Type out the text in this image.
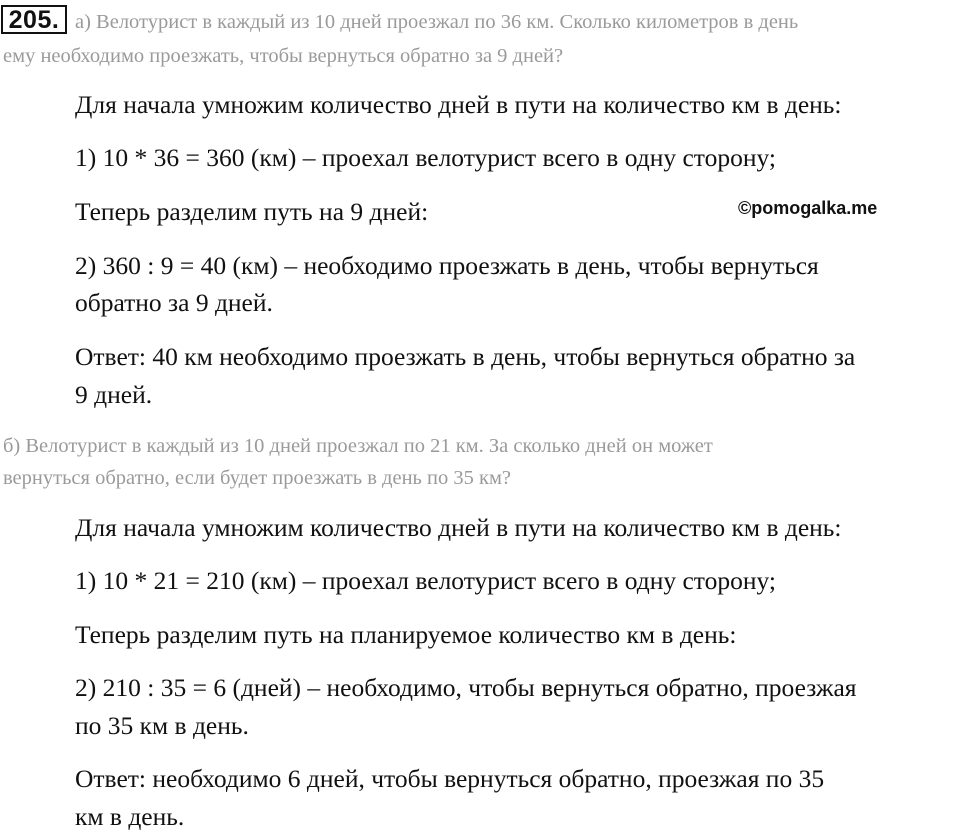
205. а) Велотурист в каждый из 10 дней проезжал по 36 км. Сколько километров в день
ему необходимо проезжать, чтобы вернуться обратно за 9 дней?
Для начала умножим количество дней в пути на количество км в день:
1) 10 * 36 = 360 (км) – проехал велотурист всего в одну сторону;
Теперь разделим путь на 9 дней:	©pomogalka.me
2) 360 : 9 = 40 (км) – необходимо проезжать в день, чтобы вернуться
обратно за 9 дней.
Ответ: 40 км необходимо проезжать в день, чтобы вернуться обратно за
9 дней.
б) Велотурист в каждый из 10 дней проезжал по 21 км. За сколько дней он может
вернуться обратно, если будет проезжать в день по 35 км?
Для начала умножим количество дней в пути на количество км в день:
1) 10 * 21 = 210 (км) – проехал велотурист всего в одну сторону;
Теперь разделим путь на планируемое количество км в день:
2) 210 : 35 = 6 (дней) – необходимо, чтобы вернуться обратно, проезжая
по 35 км в день.
Ответ: необходимо 6 дней, чтобы вернуться обратно, проезжая по 35
км в день.
